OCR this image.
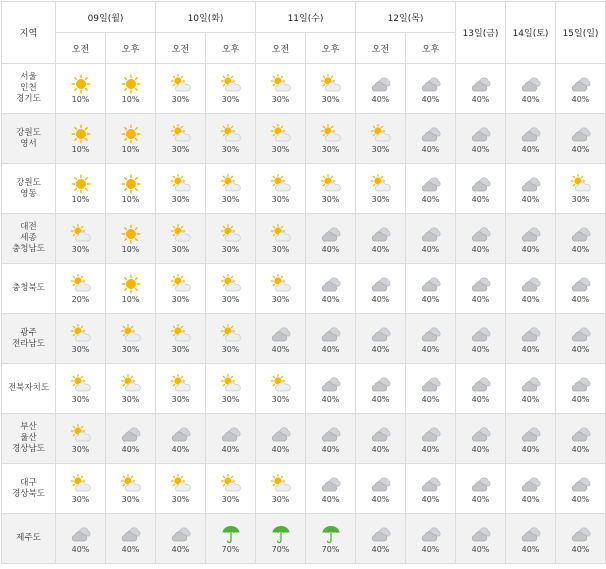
지역	09일(월)		10일(화)		11일(수)		12일(목)		13일(금)	14일(토)	15일(일)
	오전	오후	오전	오후	오전	오후	오전	오후			

서울
인천
경기도	10%	10%	30%	30%	30%	30%	40%	40%	40%	40%	40%

강원도
영서	10%	10%	30%	30%	30%	30%	30%	40%	40%	40%	40%

강원도
영동	10%	10%	30%	30%	30%	30%	30%	40%	40%	40%	30%

대전
세종
충청남도	30%	10%	30%	30%	30%	40%	40%	40%	40%	40%	40%

충청북도	20%	10%	30%	30%	30%	40%	40%	40%	40%	40%	40%

광주
전라남도	30%	30%	30%	30%	40%	40%	40%	40%	40%	40%	40%

전북자치도	30%	30%	30%	30%	30%	40%	40%	40%	40%	40%	40%

부산
울산
경상남도	30%	40%	40%	40%	40%	40%	40%	40%	40%	40%	40%

대구
경상북도	30%	30%	30%	30%	30%	40%	40%	40%	40%	40%	40%

제주도	40%	40%	40%	70%	70%	70%	40%	40%	40%	40%	40%
